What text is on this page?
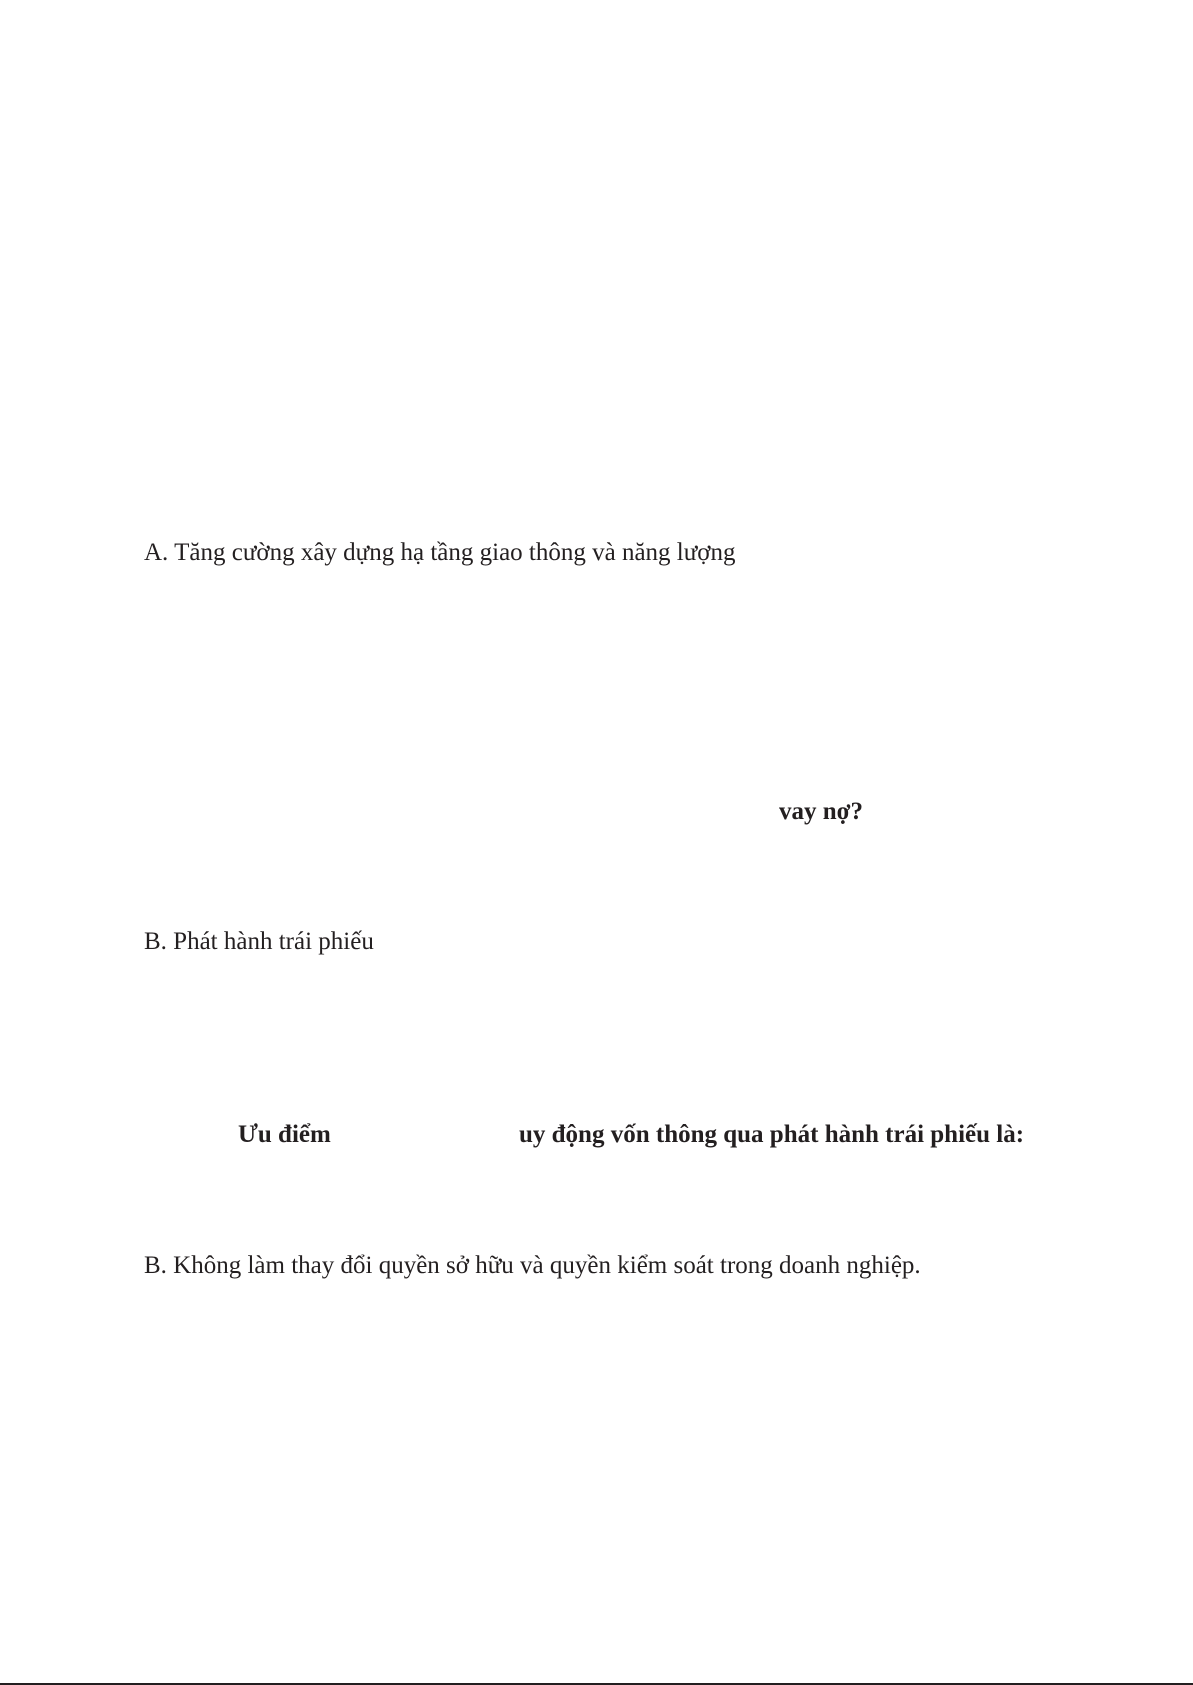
A. Tăng cường xây dựng hạ tầng giao thông và năng lượng

vay nợ?

B. Phát hành trái phiếu

Ưu điểm	uy động vốn thông qua phát hành trái phiếu là:

B. Không làm thay đổi quyền sở hữu và quyền kiểm soát trong doanh nghiệp.
